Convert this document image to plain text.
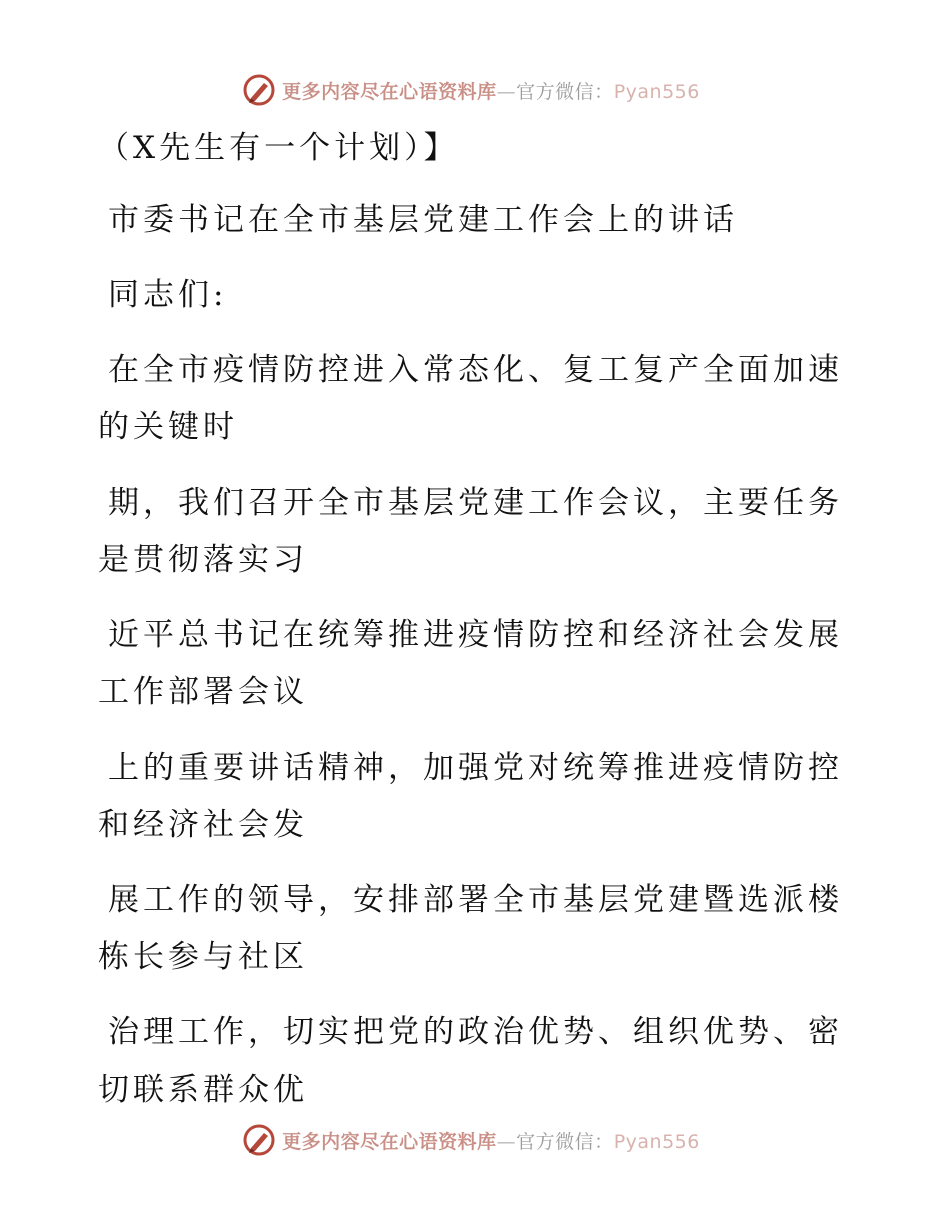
更多内容尽在心语资料库—官方微信：Pyan556
（X先生有一个计划）】
市委书记在全市基层党建工作会上的讲话
同志们:
在全市疫情防控进入常态化、复工复产全面加速
的关键时
期，我们召开全市基层党建工作会议，主要任务
是贯彻落实习
近平总书记在统筹推进疫情防控和经济社会发展
工作部署会议
上的重要讲话精神，加强党对统筹推进疫情防控
和经济社会发
展工作的领导，安排部署全市基层党建暨选派楼
栋长参与社区
治理工作，切实把党的政治优势、组织优势、密
切联系群众优
更多内容尽在心语资料库—官方微信：Pyan556
